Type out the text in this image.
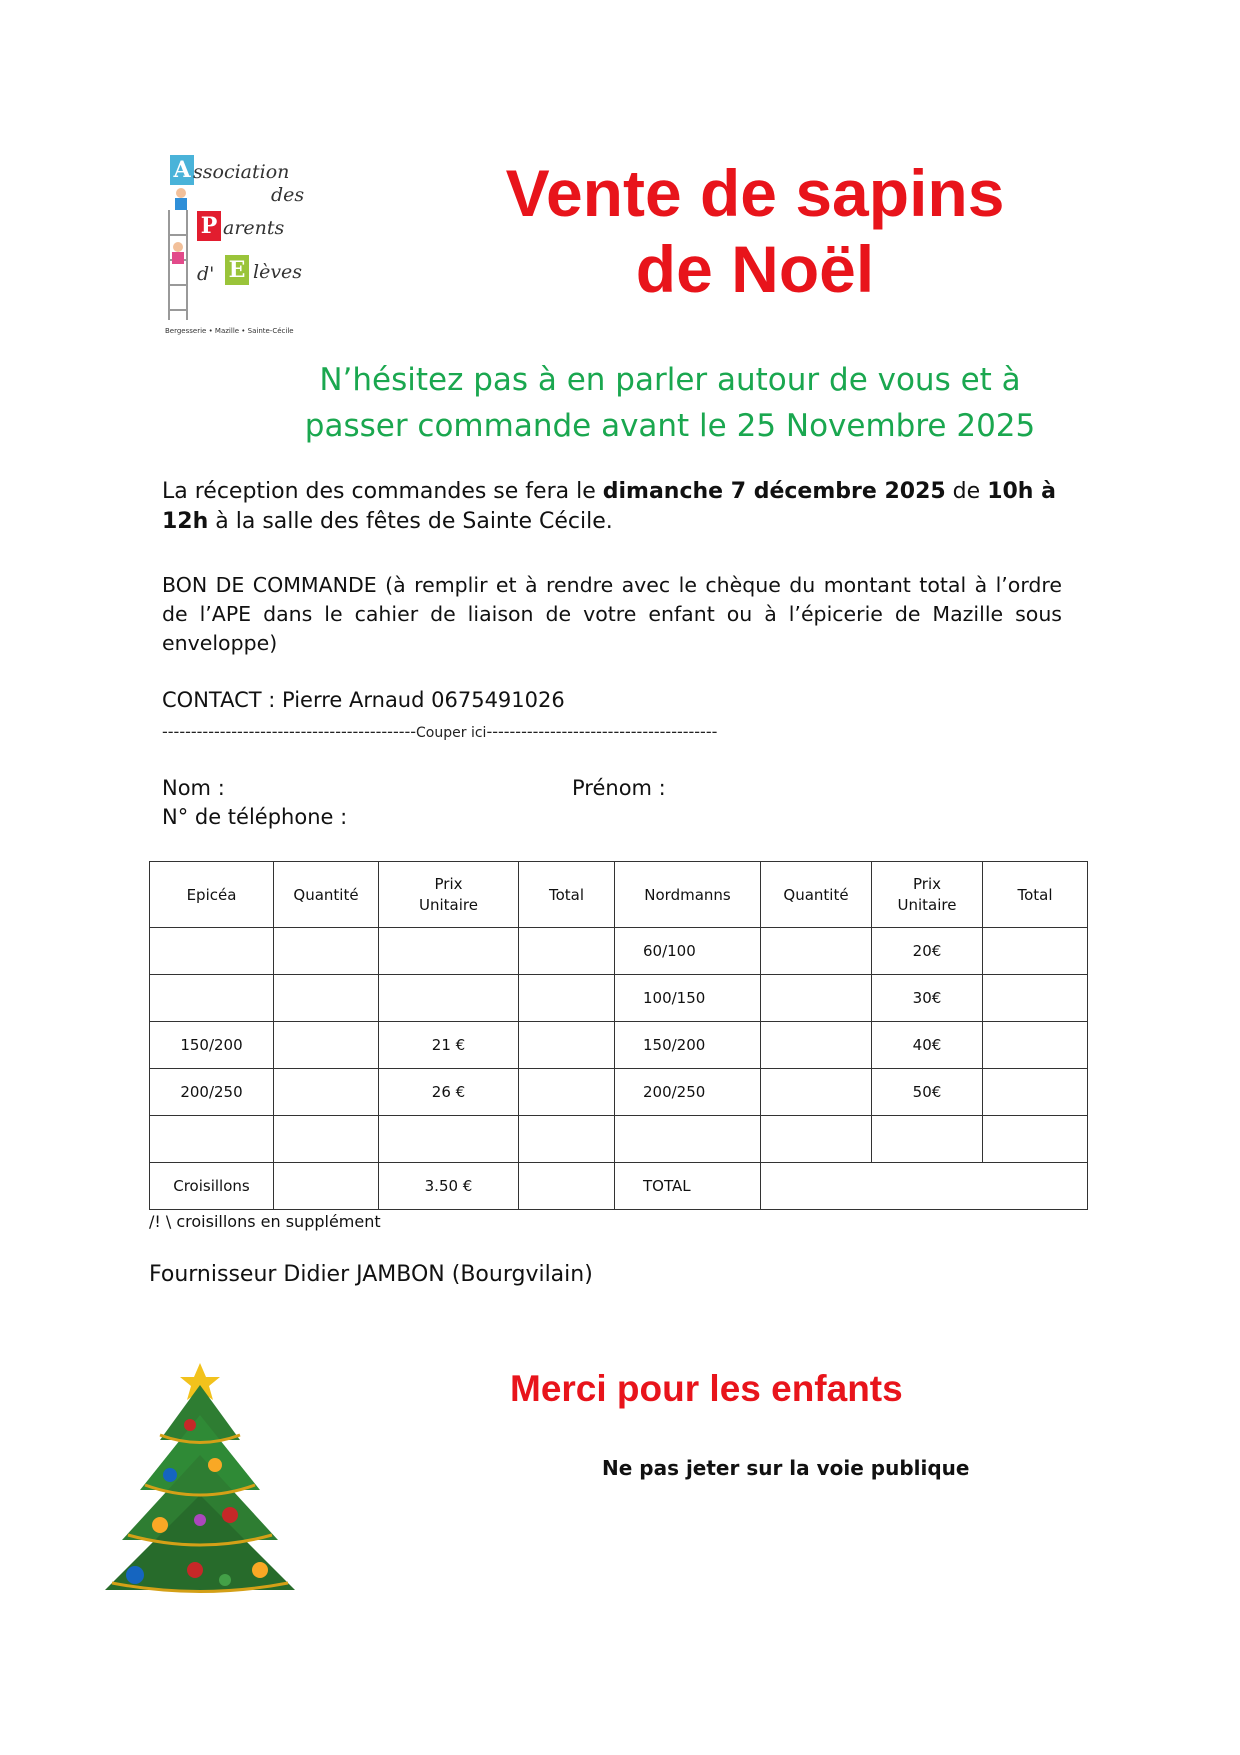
A ssociation
des
P arents
d' E lèves
Bergesserie • Mazille • Sainte-Cécile
Vente de sapins
de Noël
N’hésitez pas à en parler autour de vous et à
passer commande avant le 25 Novembre 2025
La réception des commandes se fera le dimanche 7 décembre 2025 de 10h à 12h à la salle des fêtes de Sainte Cécile.
BON DE COMMANDE (à remplir et à rendre avec le chèque du montant total à l’ordre de l’APE dans le cahier de liaison de votre enfant ou à l’épicerie de Mazille sous enveloppe)
CONTACT : Pierre Arnaud 0675491026
--------------------------------------------Couper ici----------------------------------------
Nom :	Prénom :
N° de téléphone :
Epicéa	Quantité	Prix Unitaire	Total	Nordmanns	Quantité	Prix Unitaire	Total
				60/100		20€	
				100/150		30€	
150/200		21 €		150/200		40€	
200/250		26 €		200/250		50€	

Croisillons		3.50 €		TOTAL			
/! \ croisillons en supplément
Fournisseur Didier JAMBON (Bourgvilain)
Merci pour les enfants
Ne pas jeter sur la voie publique
